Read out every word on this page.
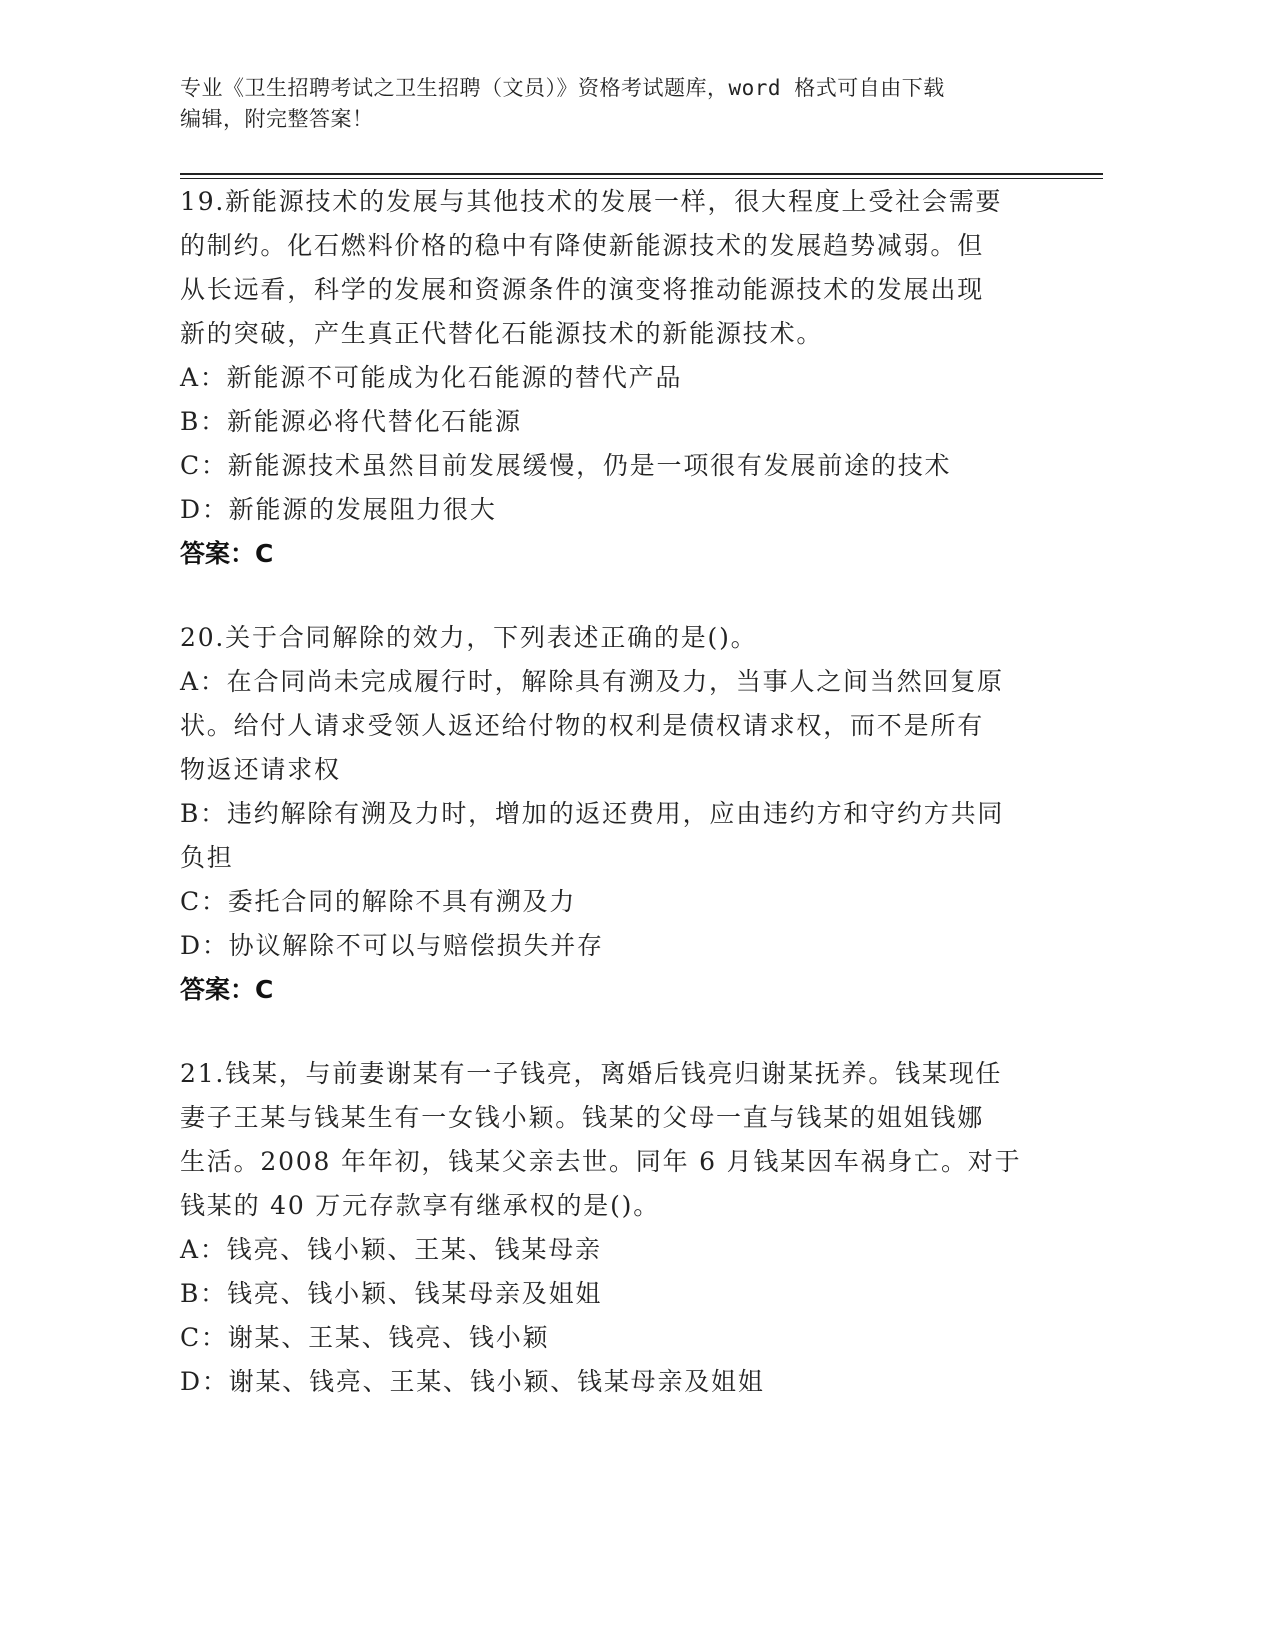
专业《卫生招聘考试之卫生招聘（文员）》资格考试题库，word 格式可自由下载
编辑，附完整答案！

19.新能源技术的发展与其他技术的发展一样，很大程度上受社会需要

的制约。化石燃料价格的稳中有降使新能源技术的发展趋势减弱。但

从长远看，科学的发展和资源条件的演变将推动能源技术的发展出现

新的突破，产生真正代替化石能源技术的新能源技术。

A：新能源不可能成为化石能源的替代产品

B：新能源必将代替化石能源

C：新能源技术虽然目前发展缓慢，仍是一项很有发展前途的技术

D：新能源的发展阻力很大

答案：C

20.关于合同解除的效力，下列表述正确的是()。

A：在合同尚未完成履行时，解除具有溯及力，当事人之间当然回复原

状。给付人请求受领人返还给付物的权利是债权请求权，而不是所有

物返还请求权

B：违约解除有溯及力时，增加的返还费用，应由违约方和守约方共同

负担

C：委托合同的解除不具有溯及力

D：协议解除不可以与赔偿损失并存

答案：C

21.钱某，与前妻谢某有一子钱亮，离婚后钱亮归谢某抚养。钱某现任

妻子王某与钱某生有一女钱小颖。钱某的父母一直与钱某的姐姐钱娜

生活。2008 年年初，钱某父亲去世。同年 6 月钱某因车祸身亡。对于

钱某的 40 万元存款享有继承权的是()。

A：钱亮、钱小颖、王某、钱某母亲

B：钱亮、钱小颖、钱某母亲及姐姐

C：谢某、王某、钱亮、钱小颖

D：谢某、钱亮、王某、钱小颖、钱某母亲及姐姐
